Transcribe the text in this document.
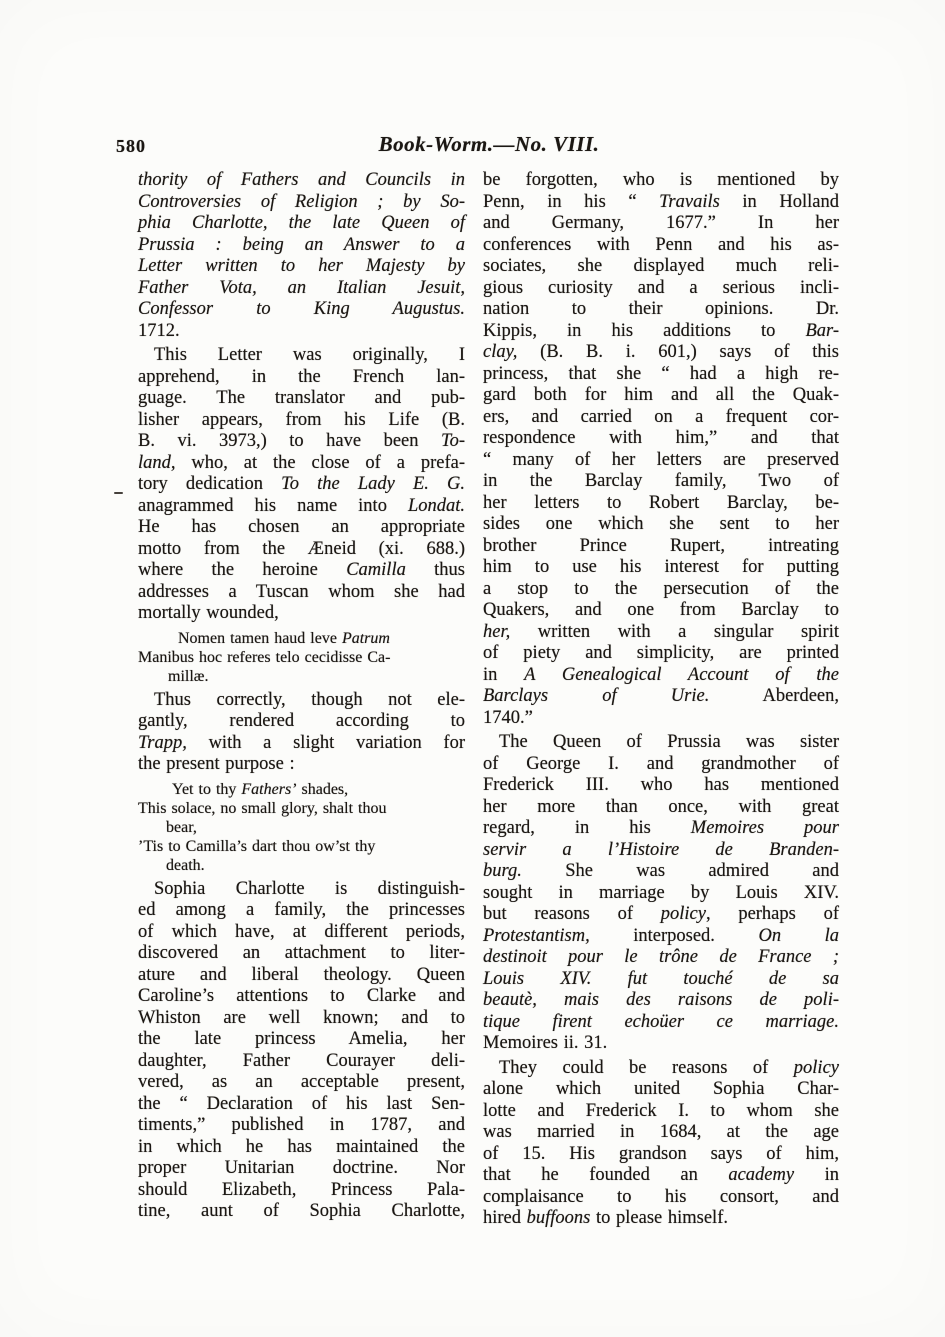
580	Book-Worm.—No. VIII.
thority of Fathers and Councils in
Controversies of Religion ; by So-
phia Charlotte, the late Queen of
Prussia : being an Answer to a
Letter written to her Majesty by
Father Vota, an Italian Jesuit,
Confessor to King Augustus.
1712.
This Letter was originally, I
apprehend, in the French lan-
guage. The translator and pub-
lisher appears, from his Life (B.
B. vi. 3973,) to have been To-
land, who, at the close of a prefa-
tory dedication To the Lady E. G.
anagrammed his name into Londat.
He has chosen an appropriate
motto from the Æneid (xi. 688.)
where the heroine Camilla thus
addresses a Tuscan whom she had
mortally wounded,
Nomen tamen haud leve Patrum
Manibus hoc referes telo cecidisse Ca-
millæ.
Thus correctly, though not ele-
gantly, rendered according to
Trapp, with a slight variation for
the present purpose :
Yet to thy Fathers’ shades,
This solace, no small glory, shalt thou
bear,
’Tis to Camilla’s dart thou ow’st thy
death.
Sophia Charlotte is distinguish-
ed among a family, the princesses
of which have, at different periods,
discovered an attachment to liter-
ature and liberal theology. Queen
Caroline’s attentions to Clarke and
Whiston are well known; and to
the late princess Amelia, her
daughter, Father Courayer deli-
vered, as an acceptable present,
the “ Declaration of his last Sen-
timents,” published in 1787, and
in which he has maintained the
proper Unitarian doctrine. Nor
should Elizabeth, Princess Pala-
tine, aunt of Sophia Charlotte,
be forgotten, who is mentioned by
Penn, in his “ Travails in Holland
and Germany, 1677.” In her
conferences with Penn and his as-
sociates, she displayed much reli-
gious curiosity and a serious incli-
nation to their opinions. Dr.
Kippis, in his additions to Bar-
clay, (B. B. i. 601,) says of this
princess, that she “ had a high re-
gard both for him and all the Quak-
ers, and carried on a frequent cor-
respondence with him,” and that
“ many of her letters are preserved
in the Barclay family, Two of
her letters to Robert Barclay, be-
sides one which she sent to her
brother Prince Rupert, intreating
him to use his interest for putting
a stop to the persecution of the
Quakers, and one from Barclay to
her, written with a singular spirit
of piety and simplicity, are printed
in A Genealogical Account of the
Barclays of Urie. Aberdeen,
1740.”
The Queen of Prussia was sister
of George I. and grandmother of
Frederick III. who has mentioned
her more than once, with great
regard, in his Memoires pour
servir a l’Histoire de Branden-
burg. She was admired and
sought in marriage by Louis XIV.
but reasons of policy, perhaps of
Protestantism, interposed. On la
destinoit pour le trône de France ;
Louis XIV. fut touché de sa
beautè, mais des raisons de poli-
tique firent echoüer ce marriage.
Memoires ii. 31.
They could be reasons of policy
alone which united Sophia Char-
lotte and Frederick I. to whom she
was married in 1684, at the age
of 15. His grandson says of him,
that he founded an academy in
complaisance to his consort, and
hired buffoons to please himself.
